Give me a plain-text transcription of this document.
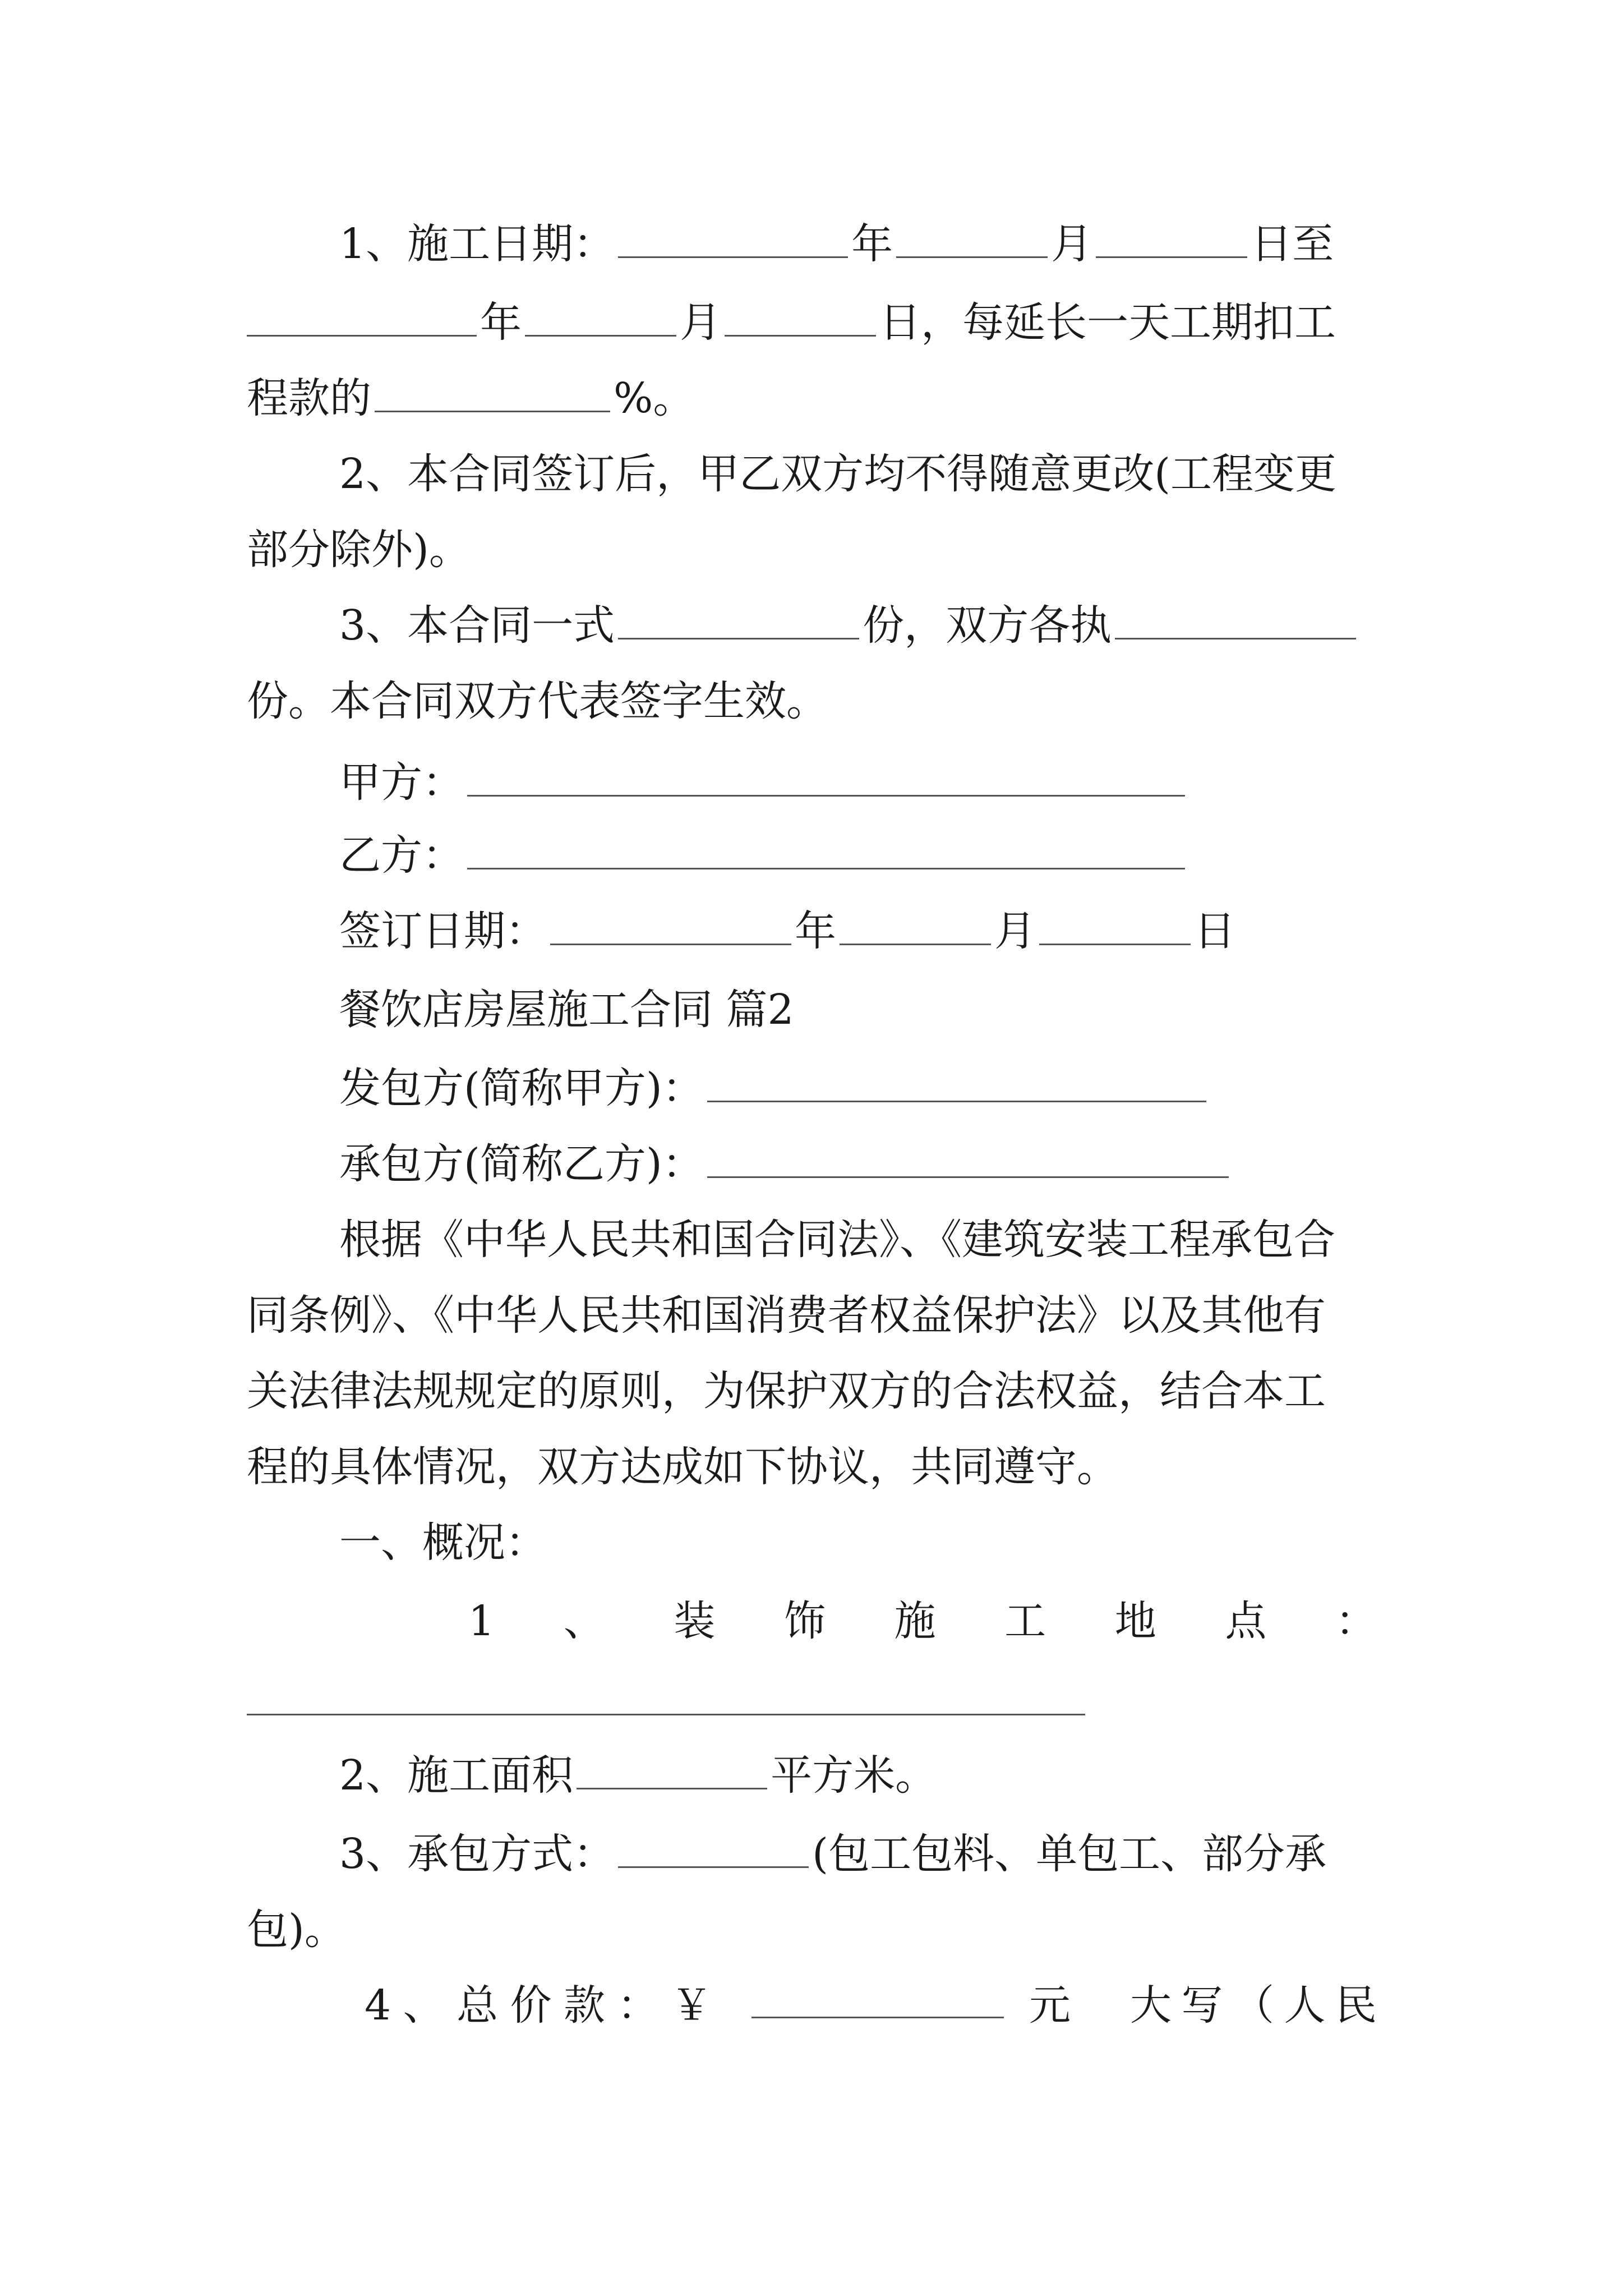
1、施工日期：	年	月	日至
年	月	日，每延长一天工期扣工
程款的	%。
2、本合同签订后，甲乙双方均不得随意更改(工程变更
部分除外)。
3、本合同一式	份，双方各执
份。本合同双方代表签字生效。
甲方：
乙方：
签订日期：	年	月	日
餐饮店房屋施工合同 篇2
发包方(简称甲方)：
承包方(简称乙方)：
根据《中华人民共和国合同法》、《建筑安装工程承包合
同条例》、《中华人民共和国消费者权益保护法》以及其他有
关法律法规规定的原则，为保护双方的合法权益，结合本工
程的具体情况，双方达成如下协议，共同遵守。
一、概况：
1 、 装 饰 施 工 地 点 ：
2、施工面积	平方米。
3、承包方式：	(包工包料、单包工、部分承
包)。
4 、 总 价 款 ： ￥	元 大 写 （ 人 民
